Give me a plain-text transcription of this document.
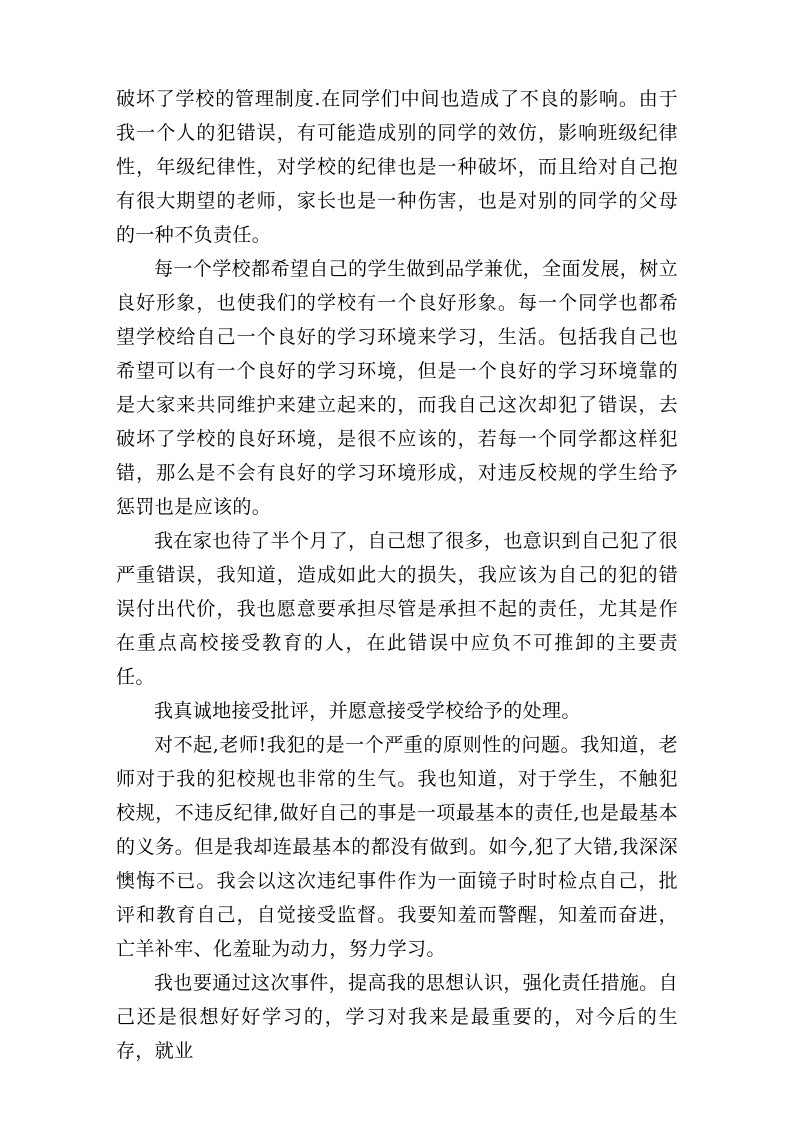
破坏了学校的管理制度.在同学们中间也造成了不良的影响。由于我一个人的犯错误，有可能造成别的同学的效仿，影响班级纪律性，年级纪律性，对学校的纪律也是一种破坏，而且给对自己抱有很大期望的老师，家长也是一种伤害，也是对别的同学的父母的一种不负责任。

每一个学校都希望自己的学生做到品学兼优，全面发展，树立良好形象，也使我们的学校有一个良好形象。每一个同学也都希望学校给自己一个良好的学习环境来学习，生活。包括我自己也希望可以有一个良好的学习环境，但是一个良好的学习环境靠的是大家来共同维护来建立起来的，而我自己这次却犯了错误，去破坏了学校的良好环境，是很不应该的，若每一个同学都这样犯错，那么是不会有良好的学习环境形成，对违反校规的学生给予惩罚也是应该的。

我在家也待了半个月了，自己想了很多，也意识到自己犯了很严重错误，我知道，造成如此大的损失，我应该为自己的犯的错误付出代价，我也愿意要承担尽管是承担不起的责任，尤其是作在重点高校接受教育的人，在此错误中应负不可推卸的主要责任。

我真诚地接受批评，并愿意接受学校给予的处理。

对不起,老师!我犯的是一个严重的原则性的问题。我知道，老师对于我的犯校规也非常的生气。我也知道，对于学生，不触犯校规，不违反纪律,做好自己的事是一项最基本的责任,也是最基本的义务。但是我却连最基本的都没有做到。如今,犯了大错,我深深懊悔不已。我会以这次违纪事件作为一面镜子时时检点自己，批评和教育自己，自觉接受监督。我要知羞而警醒，知羞而奋进，亡羊补牢、化羞耻为动力，努力学习。

我也要通过这次事件，提高我的思想认识，强化责任措施。自己还是很想好好学习的，学习对我来是最重要的，对今后的生存，就业
